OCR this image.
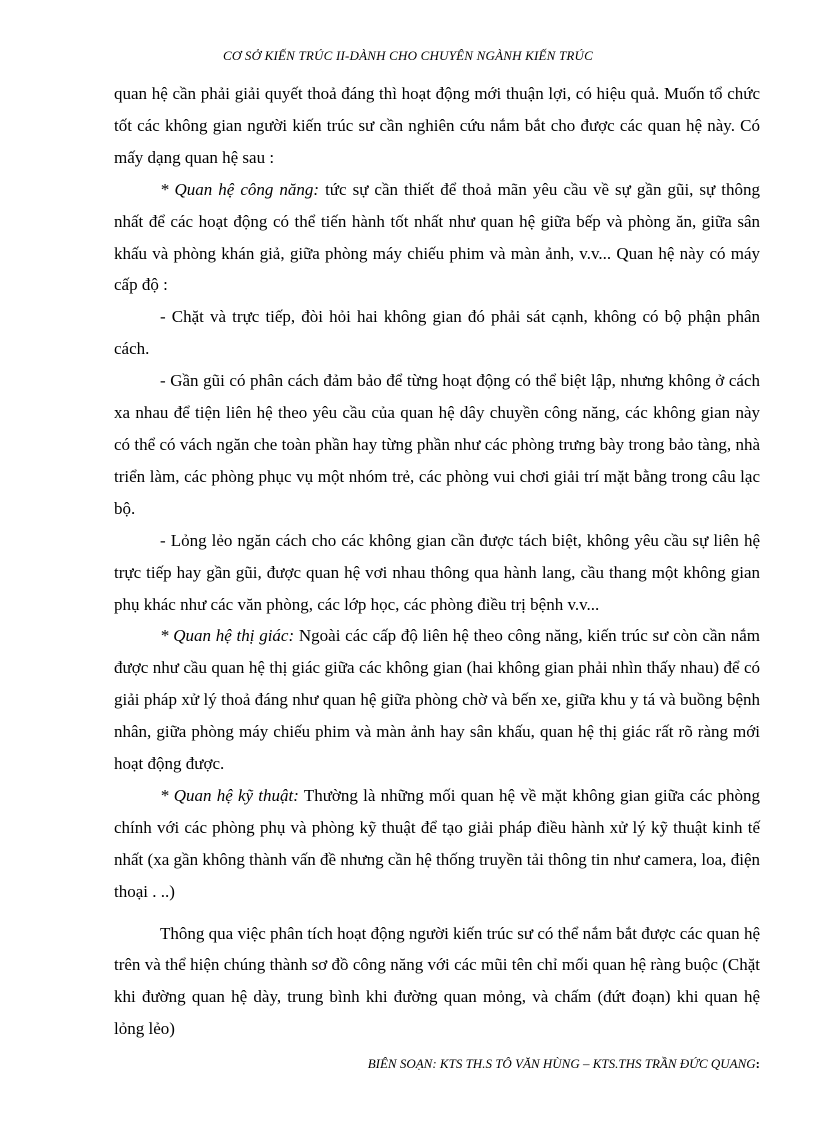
CƠ SỞ KIẾN TRÚC II-DÀNH CHO CHUYÊN NGÀNH KIẾN TRÚC

quan hệ cần phải giải quyết thoả đáng thì hoạt động mới thuận lợi, có hiệu quả. Muốn tổ chức tốt các không gian người kiến trúc sư cần nghiên cứu nắm bắt cho được các quan hệ này. Có mấy dạng quan hệ sau :

* Quan hệ công năng: tức sự cần thiết để thoả mãn yêu cầu về sự gần gũi, sự thông nhất để các hoạt động có thể tiến hành tốt nhất như quan hệ giữa bếp và phòng ăn, giữa sân khấu và phòng khán giả, giữa phòng máy chiếu phim và màn ảnh, v.v... Quan hệ này có máy cấp độ :

- Chặt và trực tiếp, đòi hỏi hai không gian đó phải sát cạnh, không có bộ phận phân cách.

- Gần gũi có phân cách đảm bảo để từng hoạt động có thể biệt lập, nhưng không ở cách xa nhau để tiện liên hệ theo yêu cầu của quan hệ dây chuyền công năng, các không gian này có thể có vách ngăn che toàn phần hay từng phần như các phòng trưng bày trong bảo tàng, nhà triển làm, các phòng phục vụ một nhóm trẻ, các phòng vui chơi giải trí mặt bằng trong câu lạc bộ.

- Lỏng lẻo ngăn cách cho các không gian cần được tách biệt, không yêu cầu sự liên hệ trực tiếp hay gần gũi, được quan hệ vơi nhau thông qua hành lang, cầu thang một không gian phụ khác như các văn phòng, các lớp học, các phòng điều trị bệnh v.v...

* Quan hệ thị giác: Ngoài các cấp độ liên hệ theo công năng, kiến trúc sư còn cần nắm được như cầu quan hệ thị giác giữa các không gian (hai không gian phải nhìn thấy nhau) để có giải pháp xử lý thoả đáng như quan hệ giữa phòng chờ và bến xe, giữa khu y tá và buồng bệnh nhân, giữa phòng máy chiếu phim và màn ảnh hay sân khấu, quan hệ thị giác rất rõ ràng mới hoạt động được.

* Quan hệ kỹ thuật: Thường là những mối quan hệ về mặt không gian giữa các phòng chính với các phòng phụ và phòng kỹ thuật để tạo giải pháp điều hành xử lý kỹ thuật kinh tế nhất (xa gần không thành vấn đề nhưng cần hệ thống truyền tải thông tin như camera, loa, điện thoại . ..)

Thông qua việc phân tích hoạt động người kiến trúc sư có thể nắm bắt được các quan hệ trên và thể hiện chúng thành sơ đồ công năng với các mũi tên chỉ mối quan hệ ràng buộc (Chặt khi đường quan hệ dày, trung bình khi đường quan mỏng, và chấm (đứt đoạn) khi quan hệ lỏng lẻo)

BIÊN SOẠN: KTS TH.S TÔ VĂN HÙNG – KTS.THS TRẦN ĐỨC QUANG:
